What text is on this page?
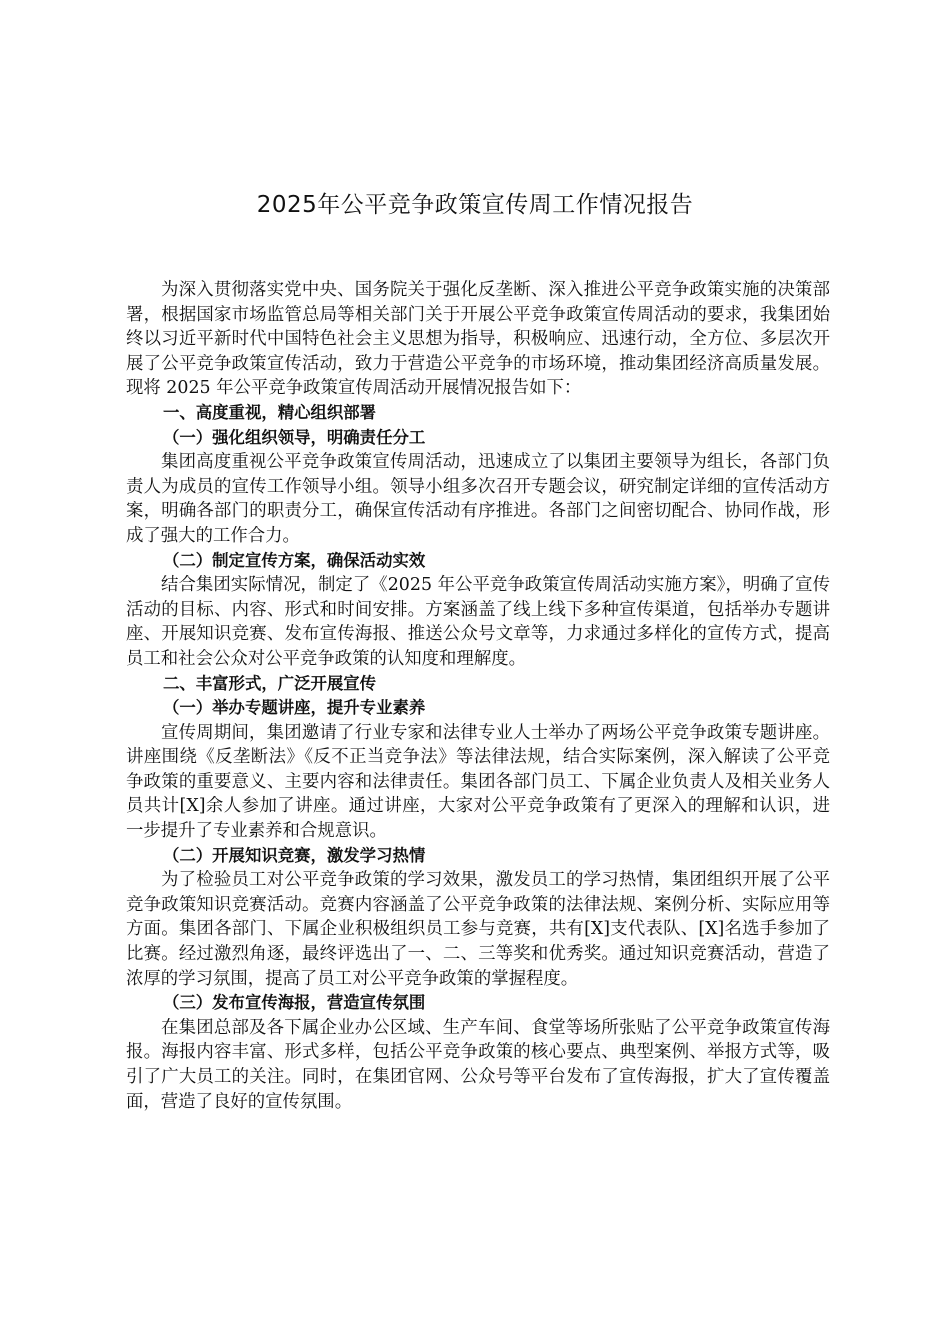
2025年公平竞争政策宣传周工作情况报告

为深入贯彻落实党中央、国务院关于强化反垄断、深入推进公平竞争政策实施的决策部署，根据国家市场监管总局等相关部门关于开展公平竞争政策宣传周活动的要求，我集团始终以习近平新时代中国特色社会主义思想为指导，积极响应、迅速行动，全方位、多层次开展了公平竞争政策宣传活动，致力于营造公平竞争的市场环境，推动集团经济高质量发展。现将 2025 年公平竞争政策宣传周活动开展情况报告如下：

一、高度重视，精心组织部署

（一）强化组织领导，明确责任分工

集团高度重视公平竞争政策宣传周活动，迅速成立了以集团主要领导为组长，各部门负责人为成员的宣传工作领导小组。领导小组多次召开专题会议，研究制定详细的宣传活动方案，明确各部门的职责分工，确保宣传活动有序推进。各部门之间密切配合、协同作战，形成了强大的工作合力。

（二）制定宣传方案，确保活动实效

结合集团实际情况，制定了《2025 年公平竞争政策宣传周活动实施方案》，明确了宣传活动的目标、内容、形式和时间安排。方案涵盖了线上线下多种宣传渠道，包括举办专题讲座、开展知识竞赛、发布宣传海报、推送公众号文章等，力求通过多样化的宣传方式，提高员工和社会公众对公平竞争政策的认知度和理解度。

二、丰富形式，广泛开展宣传

（一）举办专题讲座，提升专业素养

宣传周期间，集团邀请了行业专家和法律专业人士举办了两场公平竞争政策专题讲座。讲座围绕《反垄断法》《反不正当竞争法》等法律法规，结合实际案例，深入解读了公平竞争政策的重要意义、主要内容和法律责任。集团各部门员工、下属企业负责人及相关业务人员共计[X]余人参加了讲座。通过讲座，大家对公平竞争政策有了更深入的理解和认识，进一步提升了专业素养和合规意识。

（二）开展知识竞赛，激发学习热情

为了检验员工对公平竞争政策的学习效果，激发员工的学习热情，集团组织开展了公平竞争政策知识竞赛活动。竞赛内容涵盖了公平竞争政策的法律法规、案例分析、实际应用等方面。集团各部门、下属企业积极组织员工参与竞赛，共有[X]支代表队、[X]名选手参加了比赛。经过激烈角逐，最终评选出了一、二、三等奖和优秀奖。通过知识竞赛活动，营造了浓厚的学习氛围，提高了员工对公平竞争政策的掌握程度。

（三）发布宣传海报，营造宣传氛围

在集团总部及各下属企业办公区域、生产车间、食堂等场所张贴了公平竞争政策宣传海报。海报内容丰富、形式多样，包括公平竞争政策的核心要点、典型案例、举报方式等，吸引了广大员工的关注。同时，在集团官网、公众号等平台发布了宣传海报，扩大了宣传覆盖面，营造了良好的宣传氛围。
